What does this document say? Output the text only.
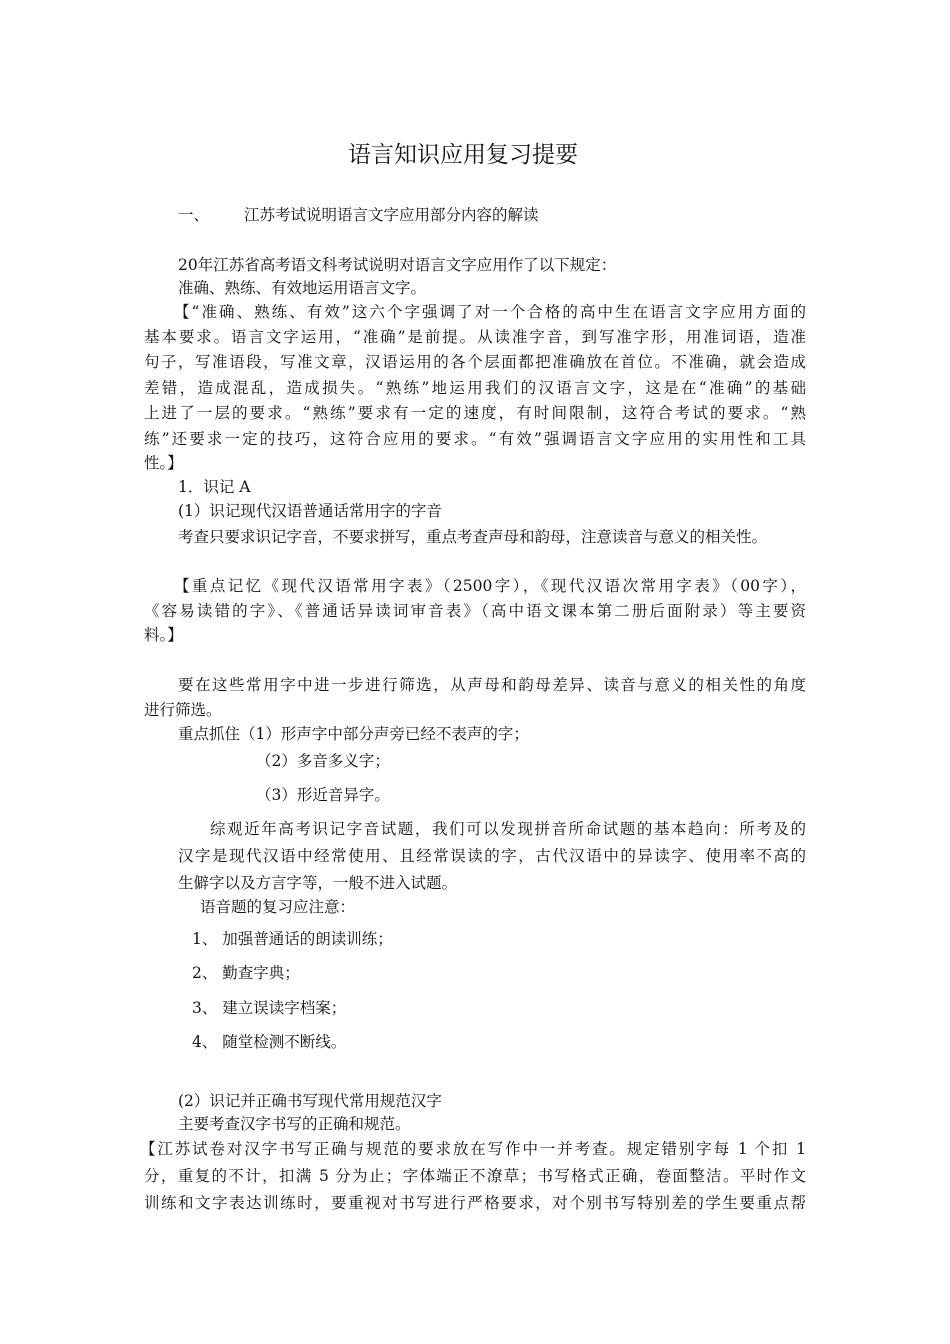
语言知识应用复习提要
一、 江苏考试说明语言文字应用部分内容的解读
20年江苏省高考语文科考试说明对语言文字应用作了以下规定：
准确、熟练、有效地运用语言文字。
【“准确、熟练、有效”这六个字强调了对一个合格的高中生在语言文字应用方面的
基本要求。语言文字运用，“准确”是前提。从读准字音，到写准字形，用准词语，造准
句子，写准语段，写准文章，汉语运用的各个层面都把准确放在首位。不准确，就会造成
差错，造成混乱，造成损失。“熟练”地运用我们的汉语言文字，这是在“准确”的基础
上进了一层的要求。“熟练”要求有一定的速度，有时间限制，这符合考试的要求。“熟
练”还要求一定的技巧，这符合应用的要求。“有效”强调语言文字应用的实用性和工具
性。】
1．识记 A
(1）识记现代汉语普通话常用字的字音
考查只要求识记字音，不要求拼写，重点考查声母和韵母，注意读音与意义的相关性。
【重点记忆《现代汉语常用字表》（2500字），《现代汉语次常用字表》（00字），
《容易读错的字》、《普通话异读词审音表》（高中语文课本第二册后面附录）等主要资
料。】
要在这些常用字中进一步进行筛选，从声母和韵母差异、读音与意义的相关性的角度
进行筛选。
重点抓住（1）形声字中部分声旁已经不表声的字；
（2）多音多义字；
（3）形近音异字。
综观近年高考识记字音试题，我们可以发现拼音所命试题的基本趋向：所考及的
汉字是现代汉语中经常使用、且经常误读的字，古代汉语中的异读字、使用率不高的
生僻字以及方言字等，一般不进入试题。
语音题的复习应注意：
1、 加强普通话的朗读训练；
2、 勤查字典；
3、 建立误读字档案；
4、 随堂检测不断线。
(2）识记并正确书写现代常用规范汉字
主要考查汉字书写的正确和规范。
【江苏试卷对汉字书写正确与规范的要求放在写作中一并考查。规定错别字每 1 个扣 1
分，重复的不计，扣满 5 分为止；字体端正不潦草；书写格式正确，卷面整洁。平时作文
训练和文字表达训练时，要重视对书写进行严格要求，对个别书写特别差的学生要重点帮
